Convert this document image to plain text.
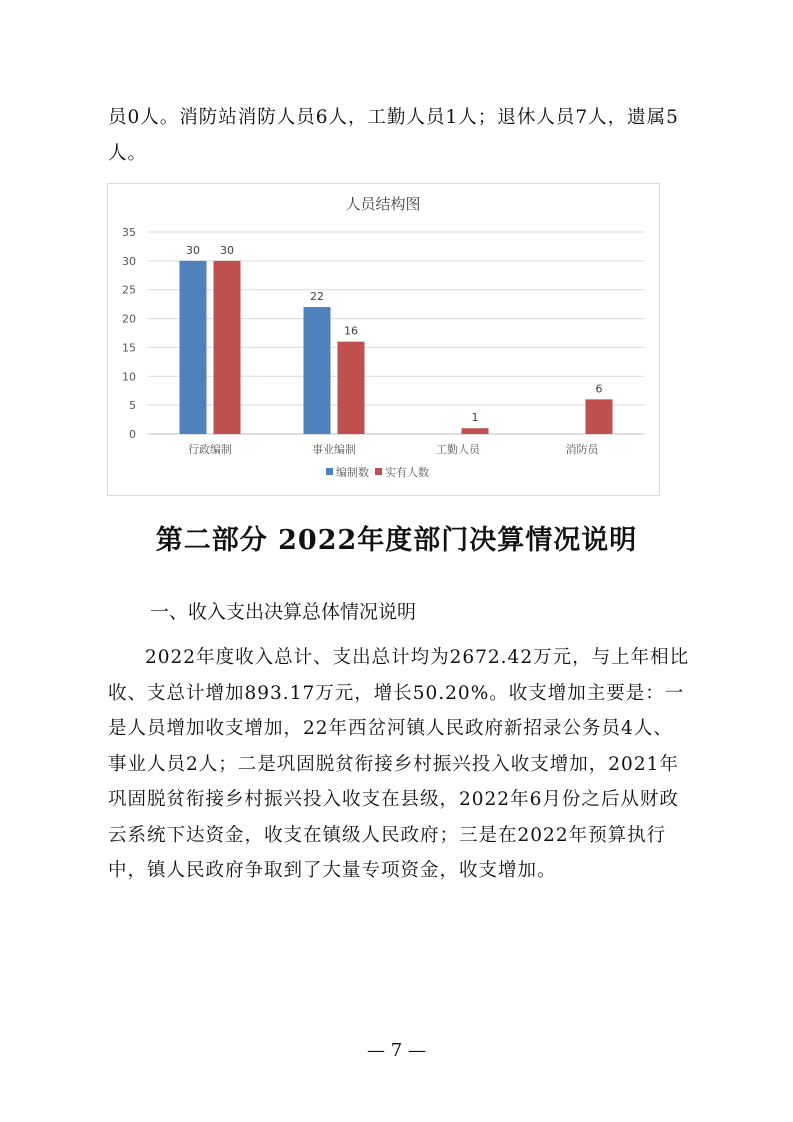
员0人。消防站消防人员6人，工勤人员1人；退休人员7人，遗属5人。

人员结构图
0
5
10
15
20
25
30
35
30 30
行政编制
22
16
事业编制
1
工勤人员
6
消防员
编制数 实有人数
第二部分 2022年度部门决算情况说明
一、收入支出决算总体情况说明

2022年度收入总计、支出总计均为2672.42万元，与上年相比收、支总计增加893.17万元，增长50.20%。收支增加主要是：一是人员增加收支增加，22年西岔河镇人民政府新招录公务员4人、事业人员2人；二是巩固脱贫衔接乡村振兴投入收支增加，2021年巩固脱贫衔接乡村振兴投入收支在县级，2022年6月份之后从财政云系统下达资金，收支在镇级人民政府；三是在2022年预算执行中，镇人民政府争取到了大量专项资金，收支增加。

— 7 —
